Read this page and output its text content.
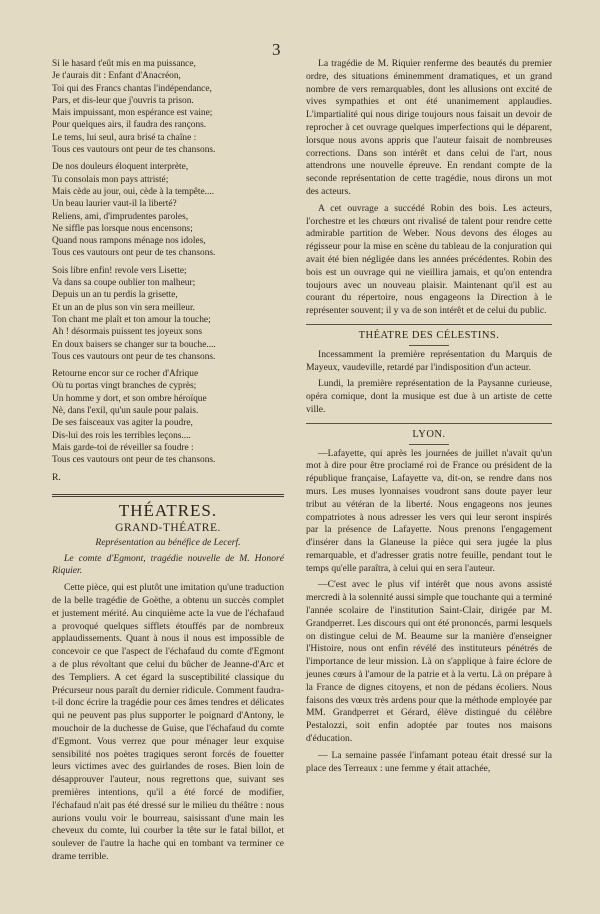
3

Si le hasard t'eût mis en ma puissance,

Je t'aurais dit : Enfant d'Anacréon,

Toi qui des Francs chantas l'indépendance,

Pars, et dis-leur que j'ouvris ta prison.

Mais impuissant, mon espérance est vaine;

Pour quelques airs, il faudra des rançons.

Le tems, lui seul, aura brisé ta chaîne :

Tous ces vautours ont peur de tes chansons.

De nos douleurs éloquent interprète,

Tu consolais mon pays attristé;

Mais cède au jour, oui, cède à la tempête....

Un beau laurier vaut-il la liberté?

Reliens, ami, d'imprudentes paroles,

Ne siffle pas lorsque nous encensons;

Quand nous rampons ménage nos idoles,

Tous ces vautours ont peur de tes chansons.

Sois libre enfin! revole vers Lisette;

Va dans sa coupe oublier ton malheur;

Depuis un an tu perdis la grisette,

Et un an de plus son vin sera meilleur.

Ton chant me plaît et ton amour la touche;

Ah ! désormais puissent tes joyeux sons

En doux baisers se changer sur ta bouche....

Tous ces vautours ont peur de tes chansons.

Retourne encor sur ce rocher d'Afrique

Où tu portas vingt branches de cyprès;

Un homme y dort, et son ombre héroïque

Nè, dans l'exil, qu'un saule pour palais.

De ses faisceaux vas agiter la poudre,

Dis-lui des rois les terribles leçons....

Mais garde-toi de réveiller sa foudre :

Tous ces vautours ont peur de tes chansons.

R.

THÉATRES.
GRAND-THÉATRE.
Représentation au bénéfice de Lecerf.

Le comte d'Egmont, tragédie nouvelle de M. Honoré Riquier.

Cette pièce, qui est plutôt une imitation qu'une traduction de la belle tragédie de Goëthe, a obtenu un succès complet et justement mérité. Au cinquième acte la vue de l'échafaud a provoqué quelques sifflets étouffés par de nombreux applaudissements. Quant à nous il nous est impossible de concevoir ce que l'aspect de l'échafaud du comte d'Egmont a de plus révoltant que celui du bûcher de Jeanne-d'Arc et des Templiers. A cet égard la susceptibilité classique du Précurseur nous paraît du dernier ridicule. Comment faudra-t-il donc écrire la tragédie pour ces âmes tendres et délicates qui ne peuvent pas plus supporter le poignard d'Antony, le mouchoir de la duchesse de Guise, que l'échafaud du comte d'Egmont. Vous verrez que pour ménager leur exquise sensibilité nos poètes tragiques seront forcés de fouetter leurs victimes avec des guirlandes de roses. Bien loin de désapprouver l'auteur, nous regrettons que, suivant ses premières intentions, qu'il a été forcé de modifier, l'échafaud n'ait pas été dressé sur le milieu du théâtre : nous aurions voulu voir le bourreau, saisissant d'une main les cheveux du comte, lui courber la tête sur le fatal billot, et soulever de l'autre la hache qui en tombant va terminer ce drame terrible.

La tragédie de M. Riquier renferme des beautés du premier ordre, des situations éminemment dramatiques, et un grand nombre de vers remarquables, dont les allusions ont excité de vives sympathies et ont été unanimement applaudies. L'impartialité qui nous dirige toujours nous faisait un devoir de reprocher à cet ouvrage quelques imperfections qui le déparent, lorsque nous avons appris que l'auteur faisait de nombreuses corrections. Dans son intérêt et dans celui de l'art, nous attendrons une nouvelle épreuve. En rendant compte de la seconde représentation de cette tragédie, nous dirons un mot des acteurs.

A cet ouvrage a succédé Robin des bois. Les acteurs, l'orchestre et les chœurs ont rivalisé de talent pour rendre cette admirable partition de Weber. Nous devons des éloges au régisseur pour la mise en scène du tableau de la conjuration qui avait été bien négligée dans les années précédentes. Robin des bois est un ouvrage qui ne vieillira jamais, et qu'on entendra toujours avec un nouveau plaisir. Maintenant qu'il est au courant du répertoire, nous engageons la Direction à le représenter souvent; il y va de son intérêt et de celui du public.

THÉATRE DES CÉLESTINS.

Incessamment la première représentation du Marquis de Mayeux, vaudeville, retardé par l'indisposition d'un acteur.

Lundi, la première représentation de la Paysanne curieuse, opéra comique, dont la musique est due à un artiste de cette ville.

LYON.

—Lafayette, qui après les journées de juillet n'avait qu'un mot à dire pour être proclamé roi de France ou président de la république française, Lafayette va, dit-on, se rendre dans nos murs. Les muses lyonnaises voudront sans doute payer leur tribut au vétéran de la liberté. Nous engageons nos jeunes compatriotes à nous adresser les vers qui leur seront inspirés par la présence de Lafayette. Nous prenons l'engagement d'insérer dans la Glaneuse la pièce qui sera jugée la plus remarquable, et d'adresser gratis notre feuille, pendant tout le temps qu'elle paraîtra, à celui qui en sera l'auteur.

—C'est avec le plus vif intérêt que nous avons assisté mercredi à la solennité aussi simple que touchante qui a terminé l'année scolaire de l'institution Saint-Clair, dirigée par M. Grandperret. Les discours qui ont été prononcés, parmi lesquels on distingue celui de M. Beaume sur la manière d'enseigner l'Histoire, nous ont enfin révélé des instituteurs pénétrés de l'importance de leur mission. Là on s'applique à faire éclore de jeunes cœurs à l'amour de la patrie et à la vertu. Là on prépare à la France de dignes citoyens, et non de pédans écoliers. Nous faisons des vœux très ardens pour que la méthode employée par MM. Grandperret et Gérard, élève distingué du célèbre Pestalozzi, soit enfin adoptée par toutes nos maisons d'éducation.

— La semaine passée l'infamant poteau était dressé sur la place des Terreaux : une femme y était attachée,
